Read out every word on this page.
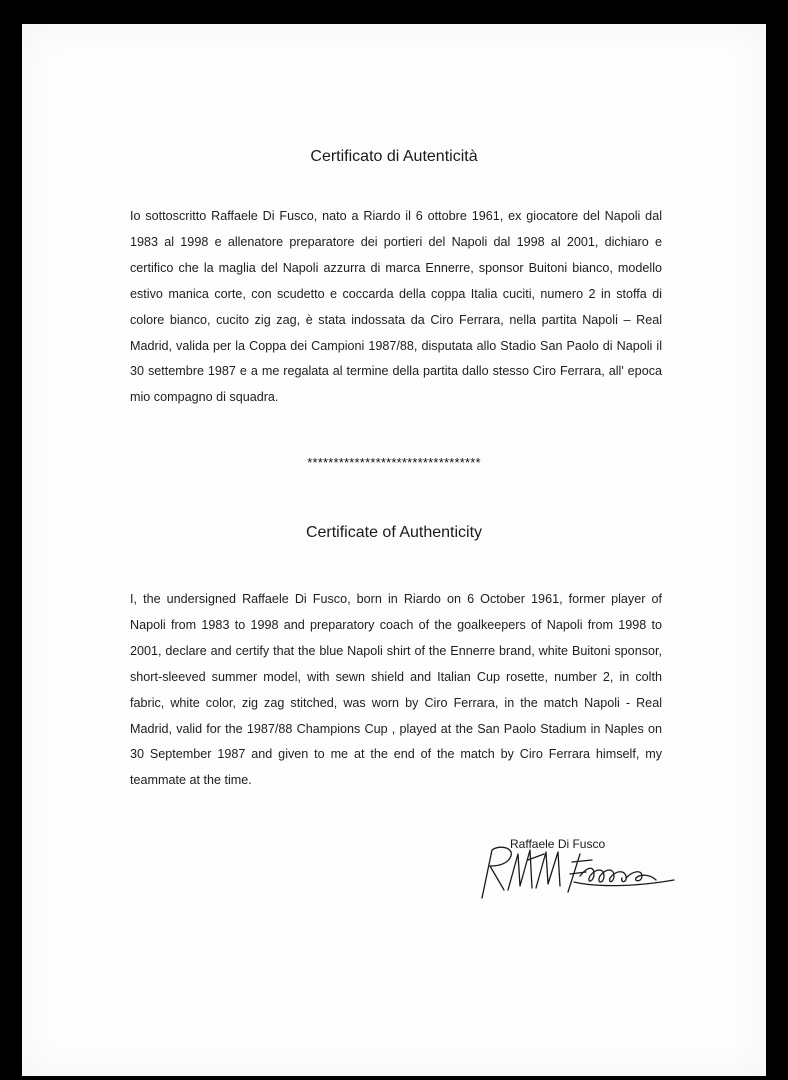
Certificato di Autenticità

Io sottoscritto Raffaele Di Fusco, nato a Riardo il 6 ottobre 1961, ex giocatore del Napoli dal 1983 al 1998 e allenatore preparatore dei portieri del Napoli dal 1998 al 2001, dichiaro e certifico che la maglia del Napoli azzurra di marca Ennerre, sponsor Buitoni bianco, modello estivo manica corte, con scudetto e coccarda della coppa Italia cuciti, numero 2 in stoffa di colore bianco, cucito zig zag, è stata indossata da Ciro Ferrara, nella partita Napoli – Real Madrid, valida per la Coppa dei Campioni 1987/88, disputata allo Stadio San Paolo di Napoli il 30 settembre 1987 e a me regalata al termine della partita dallo stesso Ciro Ferrara, all' epoca mio compagno di squadra.

*********************************
Certificate of Authenticity

I, the undersigned Raffaele Di Fusco, born in Riardo on 6 October 1961, former player of Napoli from 1983 to 1998 and preparatory coach of the goalkeepers of Napoli from 1998 to 2001, declare and certify that the blue Napoli shirt of the Ennerre brand, white Buitoni sponsor, short-sleeved summer model, with sewn shield and Italian Cup rosette, number 2, in colth fabric, white color, zig zag stitched, was worn by Ciro Ferrara, in the match Napoli - Real Madrid, valid for the 1987/88 Champions Cup , played at the San Paolo Stadium in Naples on 30 September 1987 and given to me at the end of the match by Ciro Ferrara himself, my teammate at the time.

Raffaele Di Fusco
